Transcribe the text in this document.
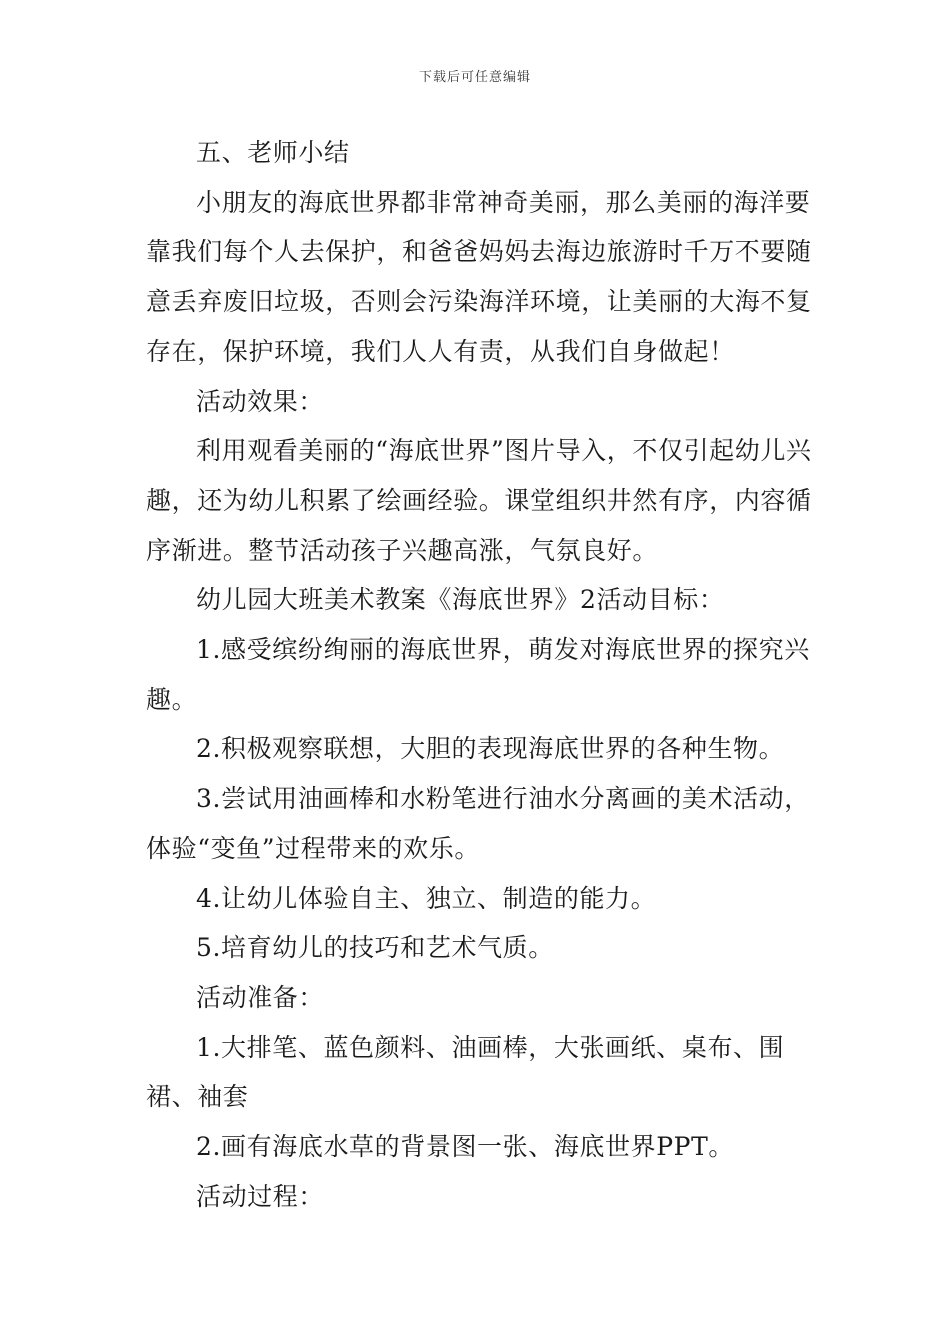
下载后可任意编辑

五、老师小结

小朋友的海底世界都非常神奇美丽，那么美丽的海洋要靠我们每个人去保护，和爸爸妈妈去海边旅游时千万不要随意丢弃废旧垃圾，否则会污染海洋环境，让美丽的大海不复存在，保护环境，我们人人有责，从我们自身做起！

活动效果：

利用观看美丽的“海底世界”图片导入，不仅引起幼儿兴趣，还为幼儿积累了绘画经验。课堂组织井然有序，内容循序渐进。整节活动孩子兴趣高涨，气氛良好。

幼儿园大班美术教案《海底世界》2活动目标：

1.感受缤纷绚丽的海底世界，萌发对海底世界的探究兴趣。

2.积极观察联想，大胆的表现海底世界的各种生物。

3.尝试用油画棒和水粉笔进行油水分离画的美术活动，体验“变鱼”过程带来的欢乐。

4.让幼儿体验自主、独立、制造的能力。

5.培育幼儿的技巧和艺术气质。

活动准备：

1.大排笔、蓝色颜料、油画棒，大张画纸、桌布、围裙、袖套

2.画有海底水草的背景图一张、海底世界PPT。

活动过程：
